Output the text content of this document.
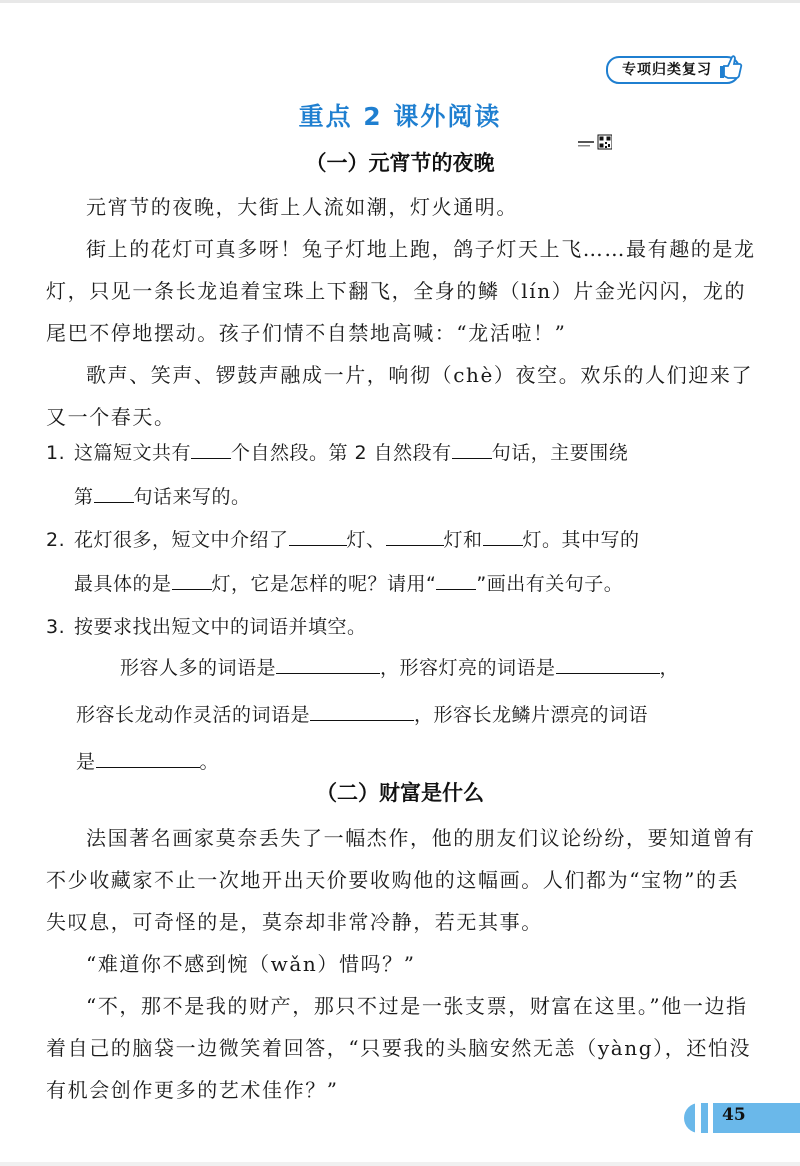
专项归类复习
重点 2 课外阅读
（一）元宵节的夜晚

元宵节的夜晚，大街上人流如潮，灯火通明。

街上的花灯可真多呀！兔子灯地上跑，鸽子灯天上飞……最有趣的是龙灯，只见一条长龙追着宝珠上下翻飞，全身的鳞（lín）片金光闪闪，龙的尾巴不停地摆动。孩子们情不自禁地高喊：“龙活啦！”

歌声、笑声、锣鼓声融成一片，响彻（chè）夜空。欢乐的人们迎来了又一个春天。

1. 这篇短文共有 个自然段。第 2 自然段有 句话，主要围绕
第 句话来写的。
2. 花灯很多，短文中介绍了	灯、	灯和 灯。其中写的
最具体的是 灯，它是怎样的呢？请用“ ”画出有关句子。
3. 按要求找出短文中的词语并填空。
形容人多的词语是	，形容灯亮的词语是	，
形容长龙动作灵活的词语是	，形容长龙鳞片漂亮的词语
是	。
（二）财富是什么

法国著名画家莫奈丢失了一幅杰作，他的朋友们议论纷纷，要知道曾有不少收藏家不止一次地开出天价要收购他的这幅画。人们都为“宝物”的丢失叹息，可奇怪的是，莫奈却非常冷静，若无其事。

“难道你不感到惋（wǎn）惜吗？”

“不，那不是我的财产，那只不过是一张支票，财富在这里。”他一边指着自己的脑袋一边微笑着回答，“只要我的头脑安然无恙（yàng），还怕没有机会创作更多的艺术佳作？”

45
